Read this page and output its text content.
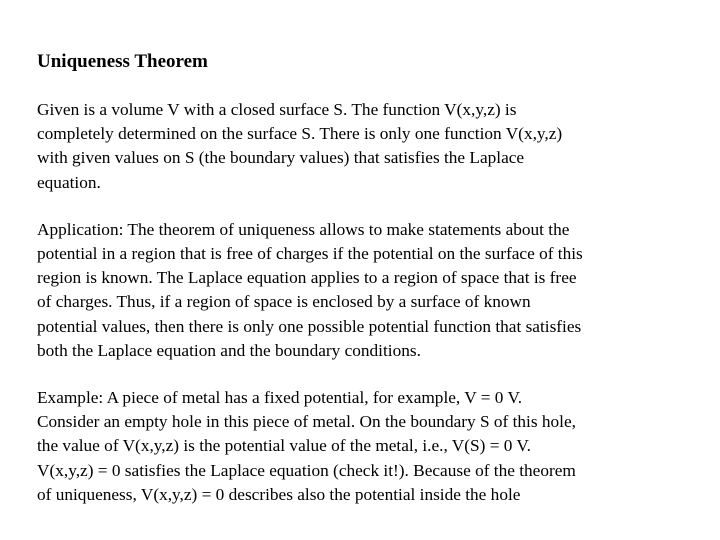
Uniqueness Theorem
Given is a volume V with a closed surface S. The function V(x,y,z) is
completely determined on the surface S. There is only one function V(x,y,z)
with given values on S (the boundary values) that satisfies the Laplace
equation.
Application: The theorem of uniqueness allows to make statements about the
potential in a region that is free of charges if the potential on the surface of this
region is known. The Laplace equation applies to a region of space that is free
of charges. Thus, if a region of space is enclosed by a surface of known
potential values, then there is only one possible potential function that satisfies
both the Laplace equation and the boundary conditions.
Example: A piece of metal has a fixed potential, for example, V = 0 V.
Consider an empty hole in this piece of metal. On the boundary S of this hole,
the value of V(x,y,z) is the potential value of the metal, i.e., V(S) = 0 V.
V(x,y,z) = 0 satisfies the Laplace equation (check it!). Because of the theorem
of uniqueness, V(x,y,z) = 0 describes also the potential inside the hole
